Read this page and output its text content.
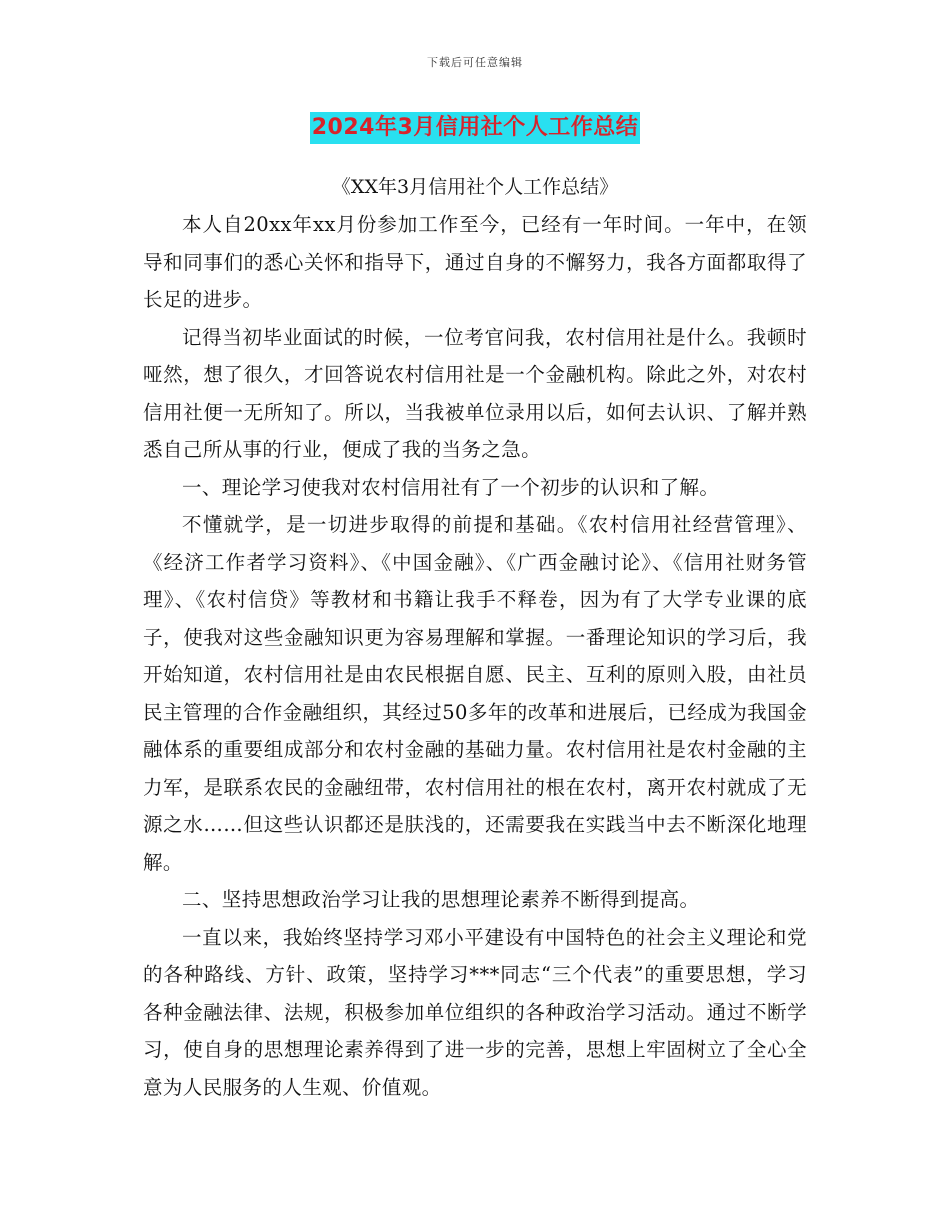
下载后可任意编辑
2024年3月信用社个人工作总结

《XX年3月信用社个人工作总结》

本人自20xx年xx月份参加工作至今，已经有一年时间。一年中，在领导和同事们的悉心关怀和指导下，通过自身的不懈努力，我各方面都取得了长足的进步。

记得当初毕业面试的时候，一位考官问我，农村信用社是什么。我顿时哑然，想了很久，才回答说农村信用社是一个金融机构。除此之外，对农村信用社便一无所知了。所以，当我被单位录用以后，如何去认识、了解并熟悉自己所从事的行业，便成了我的当务之急。

一、理论学习使我对农村信用社有了一个初步的认识和了解。

不懂就学，是一切进步取得的前提和基础。《农村信用社经营管理》、《经济工作者学习资料》、《中国金融》、《广西金融讨论》、《信用社财务管理》、《农村信贷》等教材和书籍让我手不释卷，因为有了大学专业课的底子，使我对这些金融知识更为容易理解和掌握。一番理论知识的学习后，我开始知道，农村信用社是由农民根据自愿、民主、互利的原则入股，由社员民主管理的合作金融组织，其经过50多年的改革和进展后，已经成为我国金融体系的重要组成部分和农村金融的基础力量。农村信用社是农村金融的主力军，是联系农民的金融纽带，农村信用社的根在农村，离开农村就成了无源之水……但这些认识都还是肤浅的，还需要我在实践当中去不断深化地理解。

二、坚持思想政治学习让我的思想理论素养不断得到提高。

一直以来，我始终坚持学习邓小平建设有中国特色的社会主义理论和党的各种路线、方针、政策，坚持学习***同志“三个代表”的重要思想，学习各种金融法律、法规，积极参加单位组织的各种政治学习活动。通过不断学习，使自身的思想理论素养得到了进一步的完善，思想上牢固树立了全心全意为人民服务的人生观、价值观。
